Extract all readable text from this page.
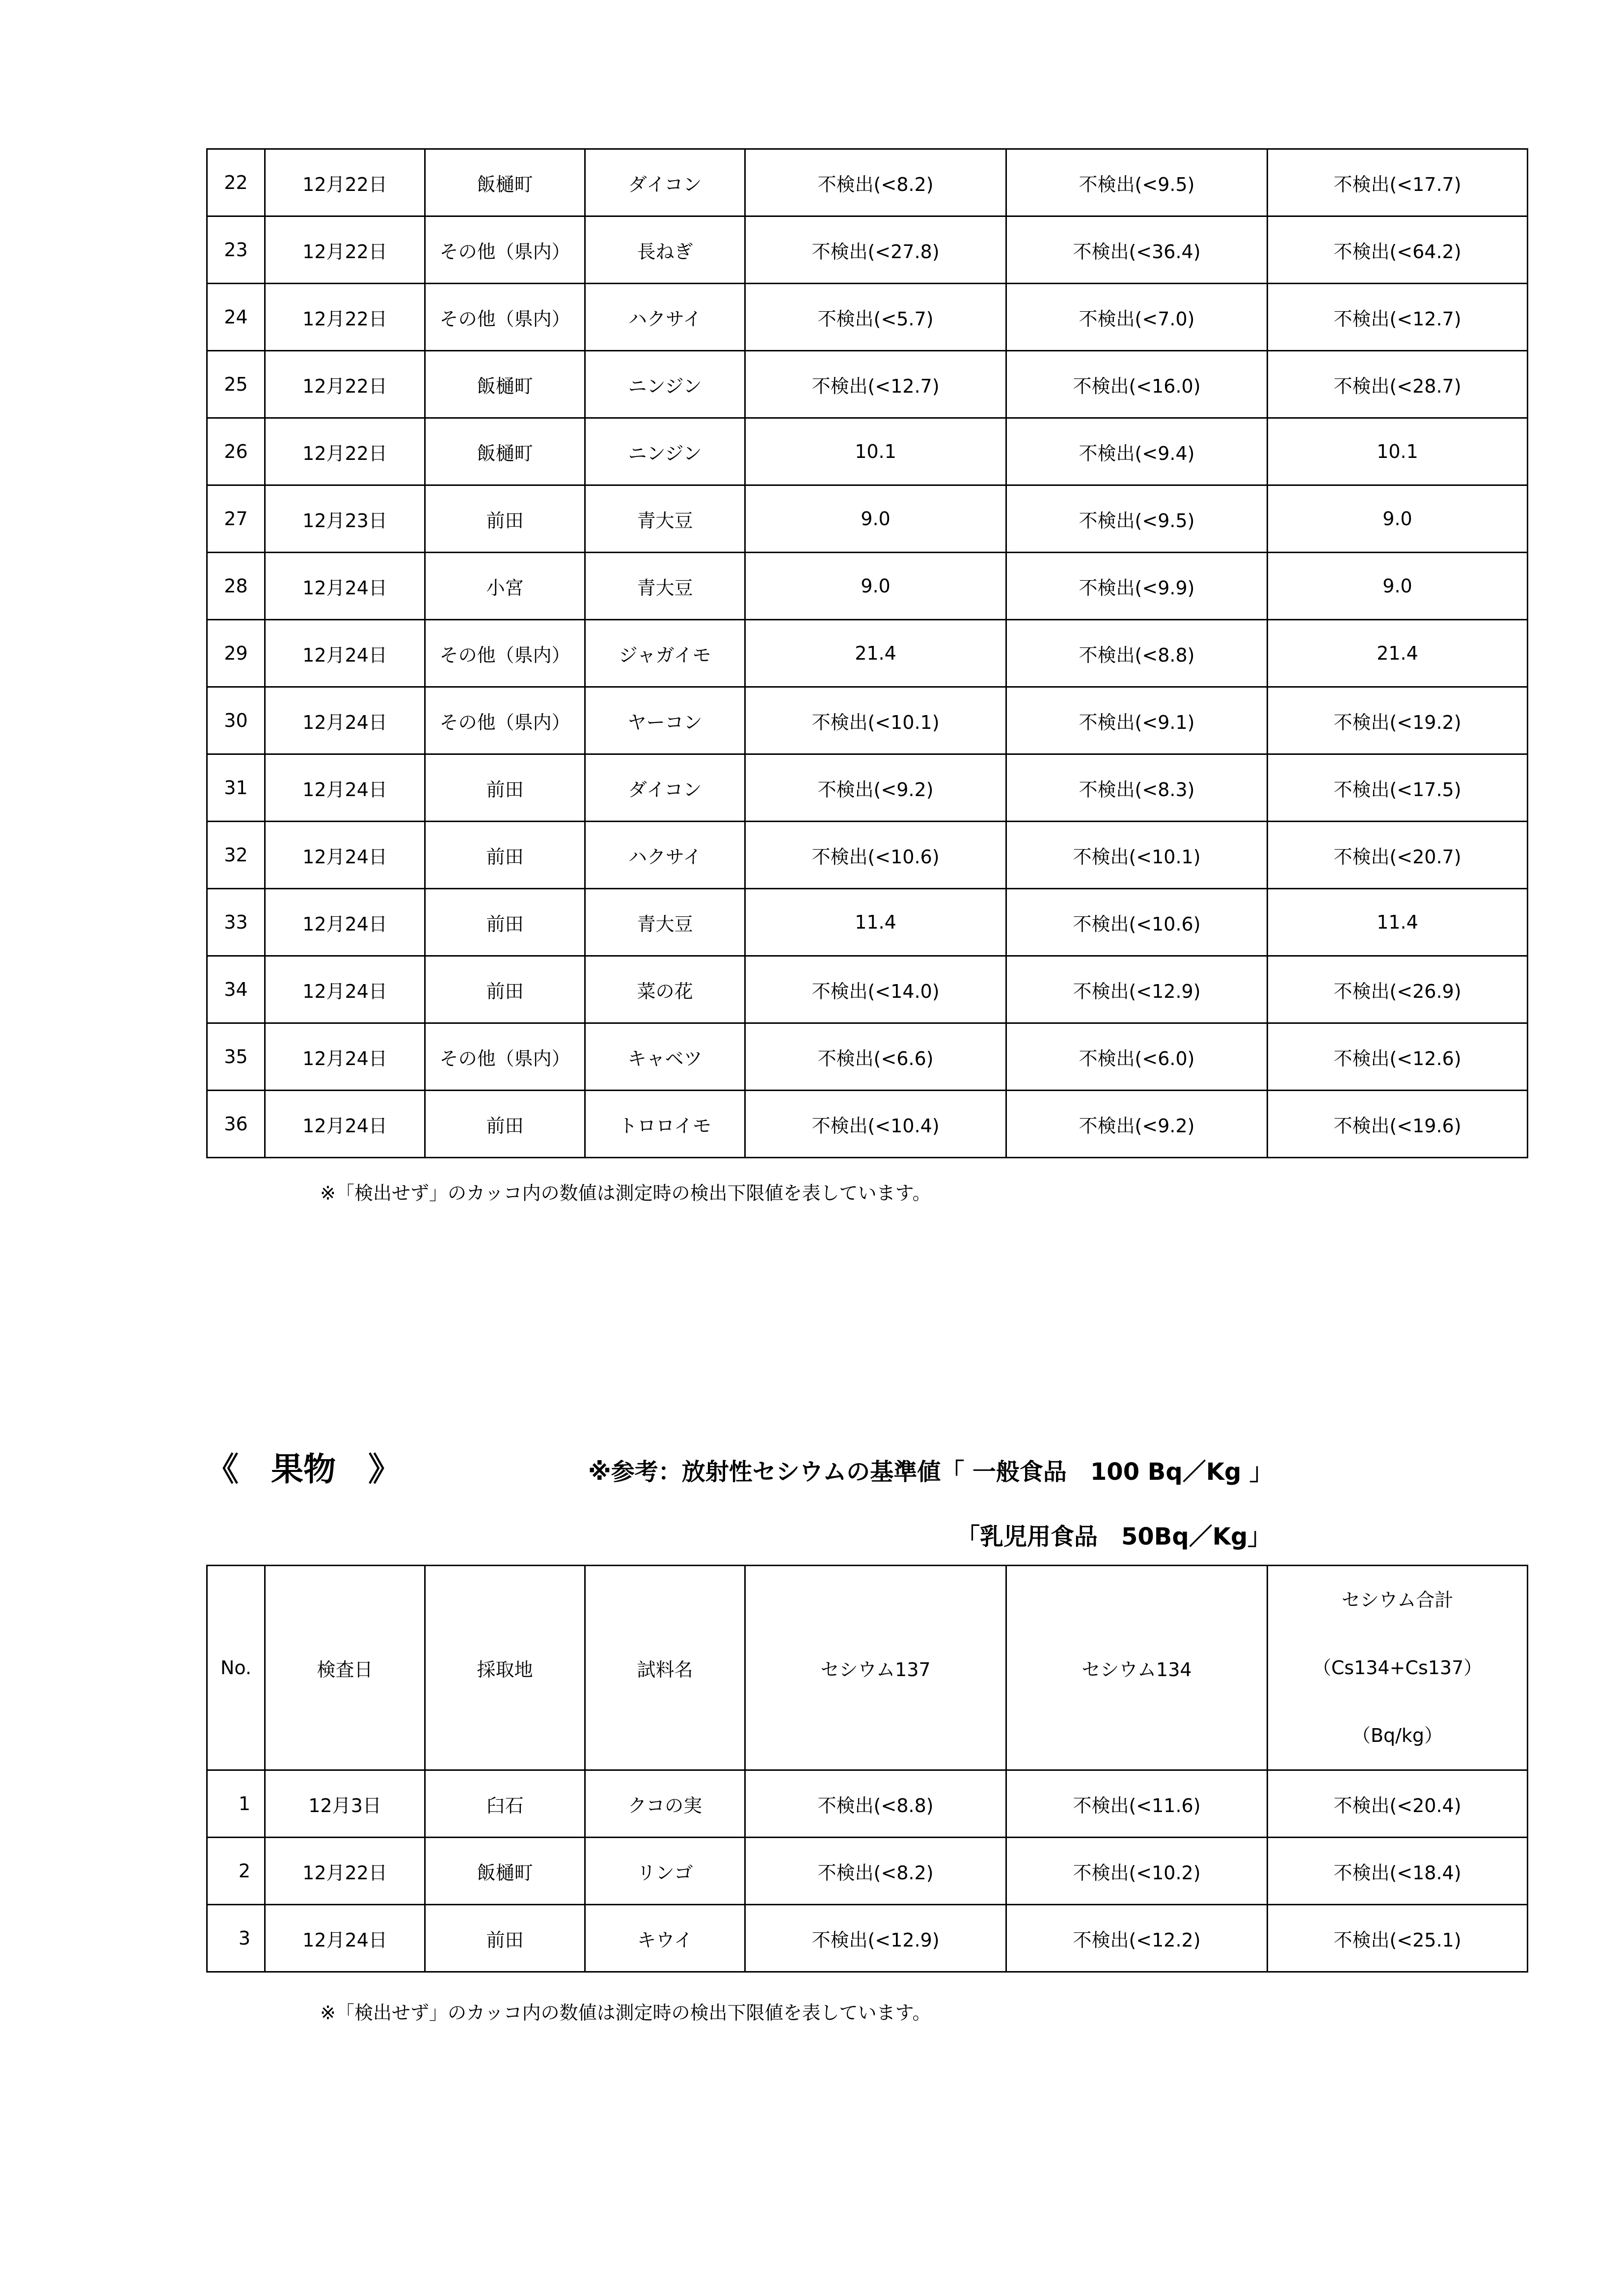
22	12月22日	飯樋町	ダイコン	不検出(<8.2)	不検出(<9.5)	不検出(<17.7)
23	12月22日	その他（県内）	長ねぎ	不検出(<27.8)	不検出(<36.4)	不検出(<64.2)
24	12月22日	その他（県内）	ハクサイ	不検出(<5.7)	不検出(<7.0)	不検出(<12.7)
25	12月22日	飯樋町	ニンジン	不検出(<12.7)	不検出(<16.0)	不検出(<28.7)
26	12月22日	飯樋町	ニンジン	10.1	不検出(<9.4)	10.1
27	12月23日	前田	青大豆	9.0	不検出(<9.5)	9.0
28	12月24日	小宮	青大豆	9.0	不検出(<9.9)	9.0
29	12月24日	その他（県内）	ジャガイモ	21.4	不検出(<8.8)	21.4
30	12月24日	その他（県内）	ヤーコン	不検出(<10.1)	不検出(<9.1)	不検出(<19.2)
31	12月24日	前田	ダイコン	不検出(<9.2)	不検出(<8.3)	不検出(<17.5)
32	12月24日	前田	ハクサイ	不検出(<10.6)	不検出(<10.1)	不検出(<20.7)
33	12月24日	前田	青大豆	11.4	不検出(<10.6)	11.4
34	12月24日	前田	菜の花	不検出(<14.0)	不検出(<12.9)	不検出(<26.9)
35	12月24日	その他（県内）	キャベツ	不検出(<6.6)	不検出(<6.0)	不検出(<12.6)
36	12月24日	前田	トロロイモ	不検出(<10.4)	不検出(<9.2)	不検出(<19.6)
※「検出せず」のカッコ内の数値は測定時の検出下限値を表しています。
《　果物　》	※参考：放射性セシウムの基準値「 一般食品　100 Bq／Kg 」
「乳児用食品　50Bq／Kg」
No.	検査日	採取地	試料名	セシウム137	セシウム134	セシウム合計
（Cs134+Cs137）
（Bq/kg）

1	12月3日	臼石	クコの実	不検出(<8.8)	不検出(<11.6)	不検出(<20.4)
2	12月22日	飯樋町	リンゴ	不検出(<8.2)	不検出(<10.2)	不検出(<18.4)
3	12月24日	前田	キウイ	不検出(<12.9)	不検出(<12.2)	不検出(<25.1)
※「検出せず」のカッコ内の数値は測定時の検出下限値を表しています。
